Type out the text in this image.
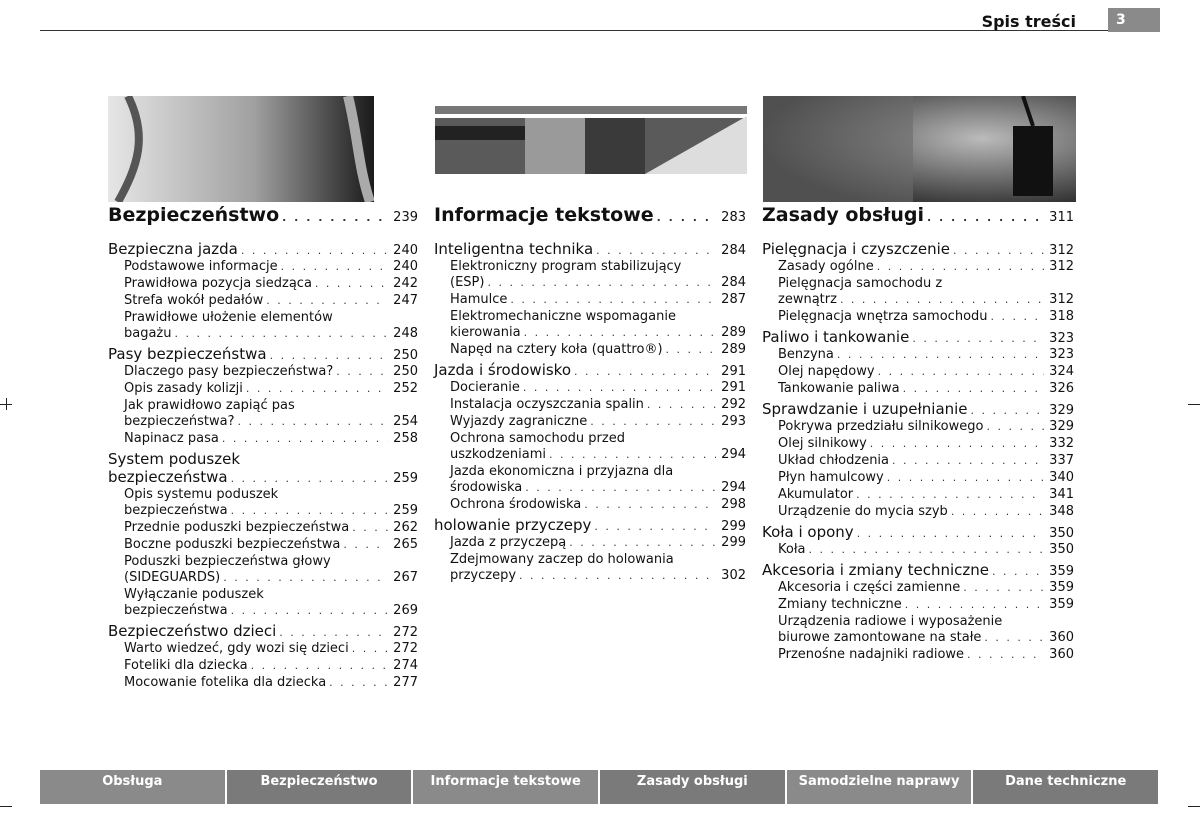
Spis treści	3
Bezpieczeństwo . . .	239
Bezpieczna jazda . . .	240
Podstawowe informacje . . .	240
Prawidłowa pozycja siedząca . . .	242
Strefa wokół pedałów . . .	247
Prawidłowe ułożenie elementów
bagażu . . .	248
Pasy bezpieczeństwa . . .	250
Dlaczego pasy bezpieczeństwa? . . .	250
Opis zasady kolizji . . .	252
Jak prawidłowo zapiąć pas
bezpieczeństwa? . . .	254
Napinacz pasa . . .	258
System poduszek
bezpieczeństwa . . .	259
Opis systemu poduszek
bezpieczeństwa . . .	259
Przednie poduszki bezpieczeństwa . . .	262
Boczne poduszki bezpieczeństwa . . .	265
Poduszki bezpieczeństwa głowy
(SIDEGUARDS) . . .	267
Wyłączanie poduszek
bezpieczeństwa . . .	269
Bezpieczeństwo dzieci . . .	272
Warto wiedzeć, gdy wozi się dzieci . . .	272
Foteliki dla dziecka . . .	274
Mocowanie fotelika dla dziecka . . .	277
Informacje tekstowe . . .	283
Inteligentna technika . . .	284
Elektroniczny program stabilizujący
(ESP) . . .	284
Hamulce . . .	287
Elektromechaniczne wspomaganie
kierowania . . .	289
Napęd na cztery koła (quattro®) . . .	289
Jazda i środowisko . . .	291
Docieranie . . .	291
Instalacja oczyszczania spalin . . .	292
Wyjazdy zagraniczne . . .	293
Ochrona samochodu przed
uszkodzeniami . . .	294
Jazda ekonomiczna i przyjazna dla
środowiska . . .	294
Ochrona środowiska . . .	298
holowanie przyczepy . . .	299
Jazda z przyczepą . . .	299
Zdejmowany zaczep do holowania
przyczepy . . .	302
Zasady obsługi . . .	311
Pielęgnacja i czyszczenie . . .	312
Zasady ogólne . . .	312
Pielęgnacja samochodu z
zewnątrz . . .	312
Pielęgnacja wnętrza samochodu . . .	318
Paliwo i tankowanie . . .	323
Benzyna . . .	323
Olej napędowy . . .	324
Tankowanie paliwa . . .	326
Sprawdzanie i uzupełnianie . . .	329
Pokrywa przedziału silnikowego . . .	329
Olej silnikowy . . .	332
Układ chłodzenia . . .	337
Płyn hamulcowy . . .	340
Akumulator . . .	341
Urządzenie do mycia szyb . . .	348
Koła i opony . . .	350
Koła . . .	350
Akcesoria i zmiany techniczne . . .	359
Akcesoria i części zamienne . . .	359
Zmiany techniczne . . .	359
Urządzenia radiowe i wyposażenie
biurowe zamontowane na stałe . . .	360
Przenośne nadajniki radiowe . . .	360
Obsługa	Bezpieczeństwo	Informacje tekstowe	Zasady obsługi	Samodzielne naprawy	Dane techniczne
